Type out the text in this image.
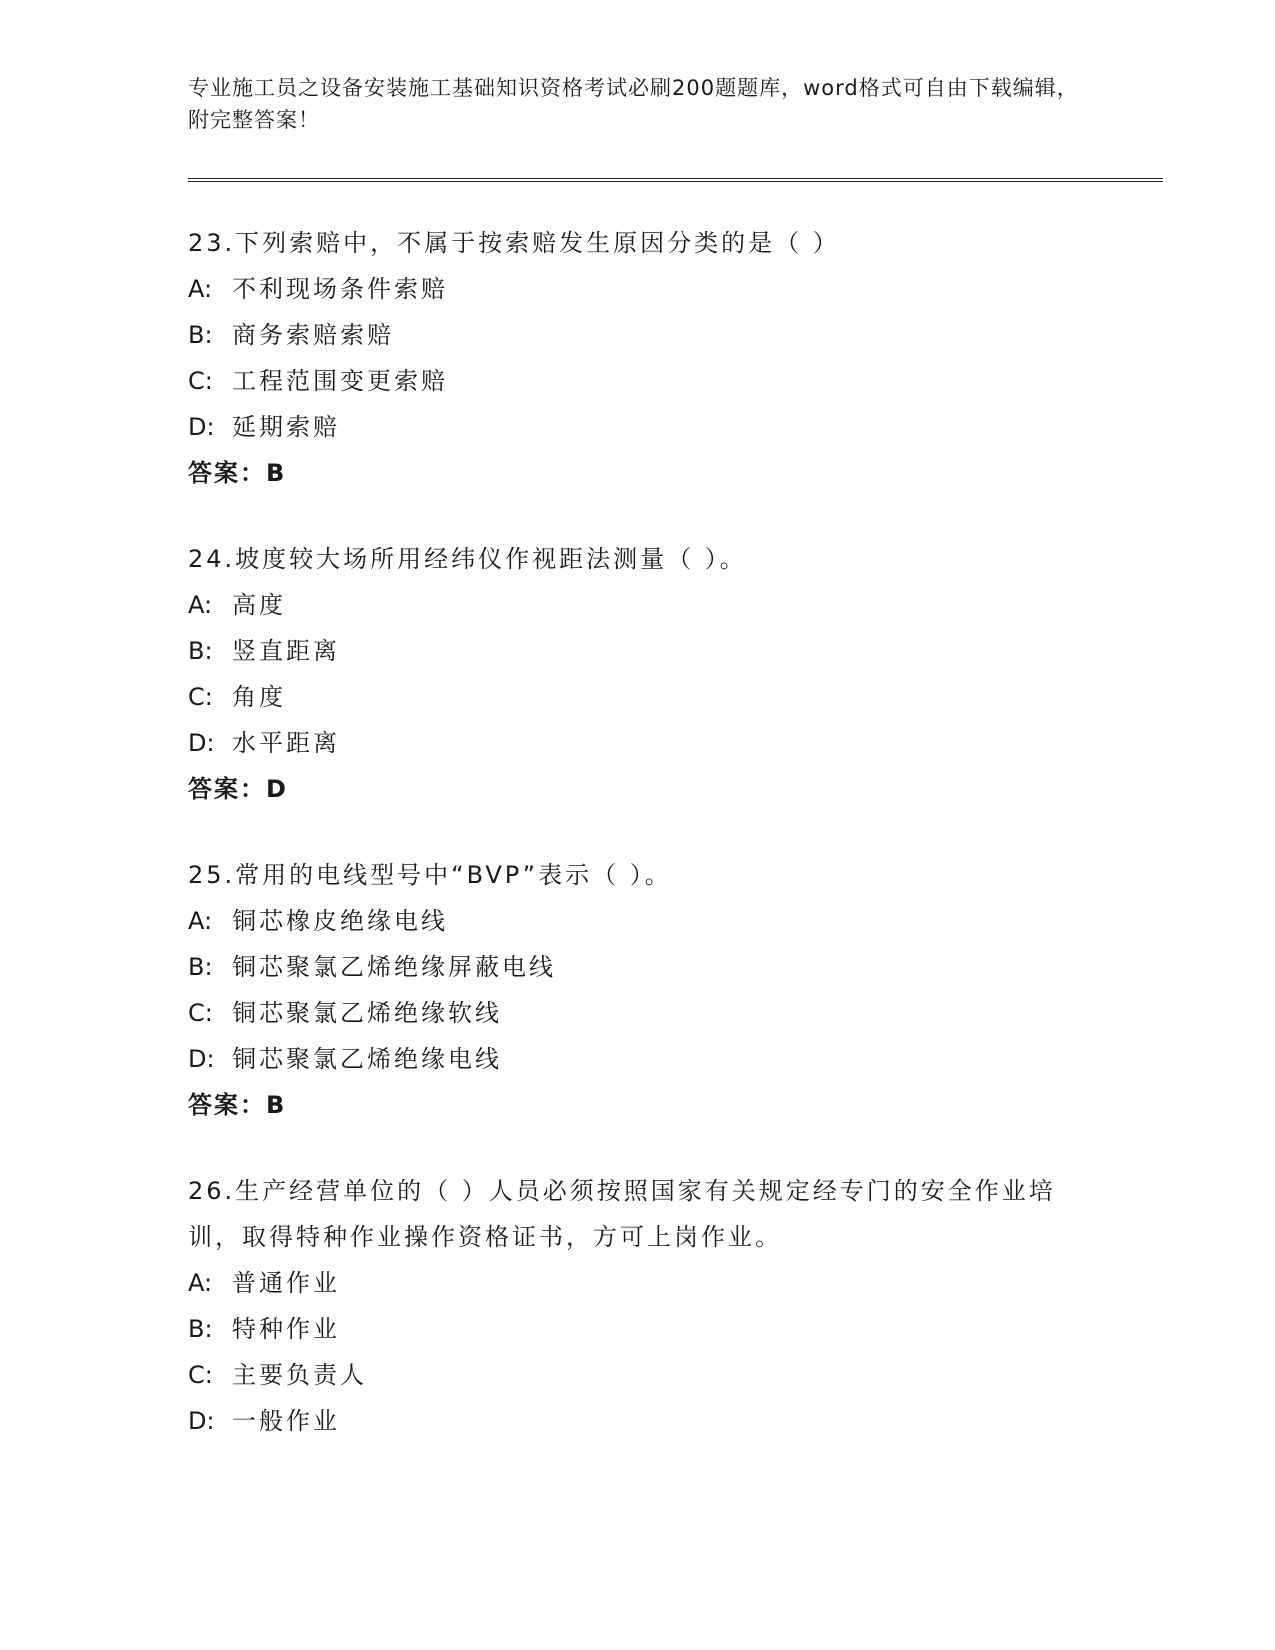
专业施工员之设备安装施工基础知识资格考试必刷200题题库，word格式可自由下载编辑，附完整答案！

23.下列索赔中，不属于按索赔发生原因分类的是（ ）
A: 不利现场条件索赔
B: 商务索赔索赔
C: 工程范围变更索赔
D: 延期索赔
答案：B
24.坡度较大场所用经纬仪作视距法测量（ ）。
A: 高度
B: 竖直距离
C: 角度
D: 水平距离
答案：D
25.常用的电线型号中“BVP”表示（ ）。
A: 铜芯橡皮绝缘电线
B: 铜芯聚氯乙烯绝缘屏蔽电线
C: 铜芯聚氯乙烯绝缘软线
D: 铜芯聚氯乙烯绝缘电线
答案：B
26.生产经营单位的（ ）人员必须按照国家有关规定经专门的安全作业培训，取得特种作业操作资格证书，方可上岗作业。
A: 普通作业
B: 特种作业
C: 主要负责人
D: 一般作业
